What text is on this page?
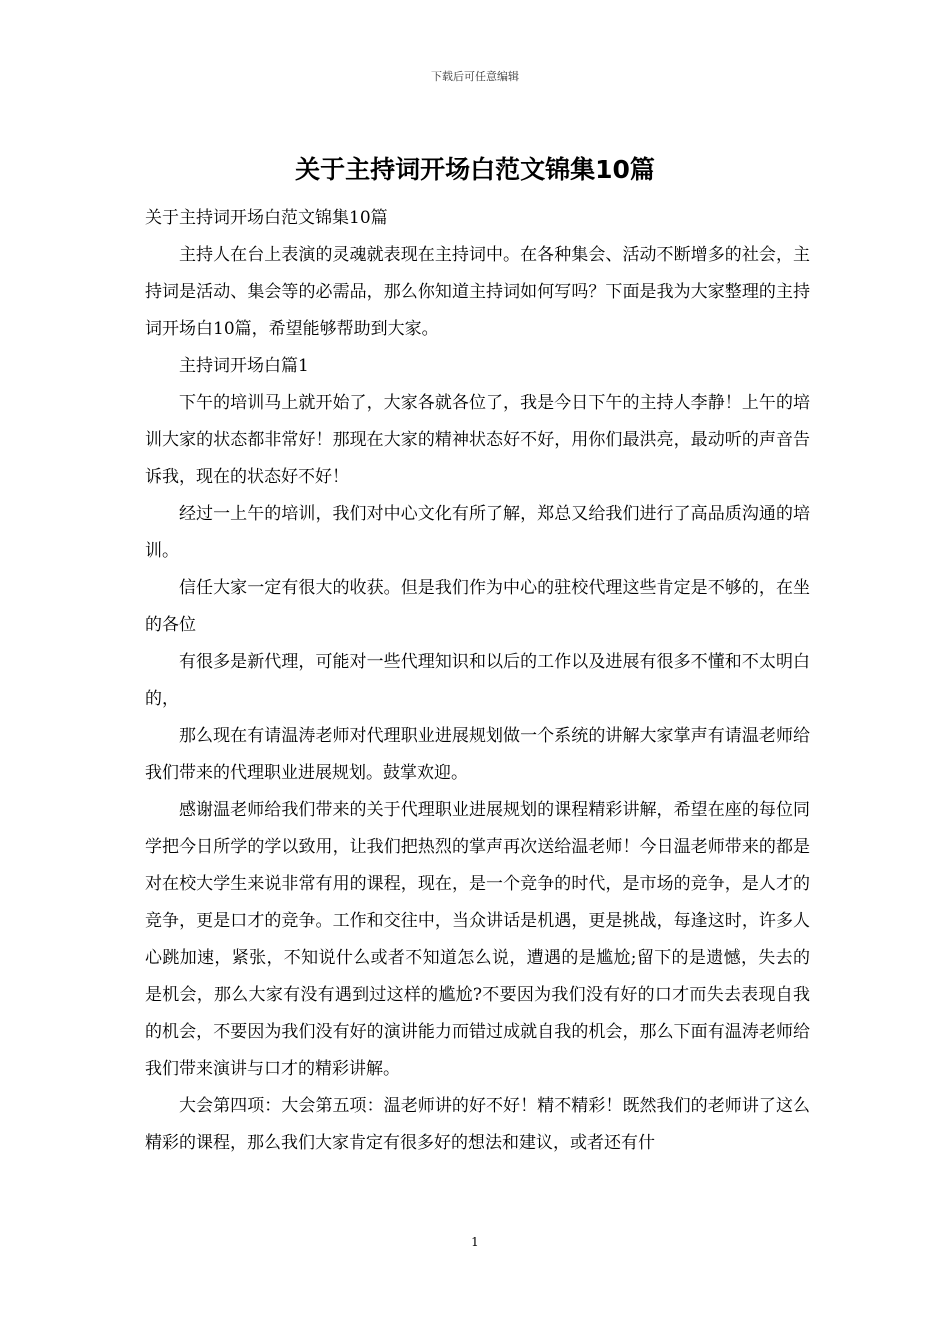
下载后可任意编辑
关于主持词开场白范文锦集10篇

关于主持词开场白范文锦集10篇

主持人在台上表演的灵魂就表现在主持词中。在各种集会、活动不断增多的社会，主持词是活动、集会等的必需品，那么你知道主持词如何写吗？下面是我为大家整理的主持词开场白10篇，希望能够帮助到大家。

主持词开场白篇1

下午的培训马上就开始了，大家各就各位了，我是今日下午的主持人李静！上午的培训大家的状态都非常好！那现在大家的精神状态好不好，用你们最洪亮，最动听的声音告诉我，现在的状态好不好！

经过一上午的培训，我们对中心文化有所了解，郑总又给我们进行了高品质沟通的培训。

信任大家一定有很大的收获。但是我们作为中心的驻校代理这些肯定是不够的，在坐的各位

有很多是新代理，可能对一些代理知识和以后的工作以及进展有很多不懂和不太明白的，

那么现在有请温涛老师对代理职业进展规划做一个系统的讲解大家掌声有请温老师给我们带来的代理职业进展规划。鼓掌欢迎。

感谢温老师给我们带来的关于代理职业进展规划的课程精彩讲解，希望在座的每位同学把今日所学的学以致用，让我们把热烈的掌声再次送给温老师！今日温老师带来的都是对在校大学生来说非常有用的课程，现在，是一个竞争的时代，是市场的竞争，是人才的竞争，更是口才的竞争。工作和交往中，当众讲话是机遇，更是挑战，每逢这时，许多人心跳加速，紧张，不知说什么或者不知道怎么说，遭遇的是尴尬;留下的是遗憾，失去的是机会，那么大家有没有遇到过这样的尴尬?不要因为我们没有好的口才而失去表现自我的机会，不要因为我们没有好的演讲能力而错过成就自我的机会，那么下面有温涛老师给我们带来演讲与口才的精彩讲解。

大会第四项：大会第五项：温老师讲的好不好！精不精彩！既然我们的老师讲了这么精彩的课程，那么我们大家肯定有很多好的想法和建议，或者还有什

1
